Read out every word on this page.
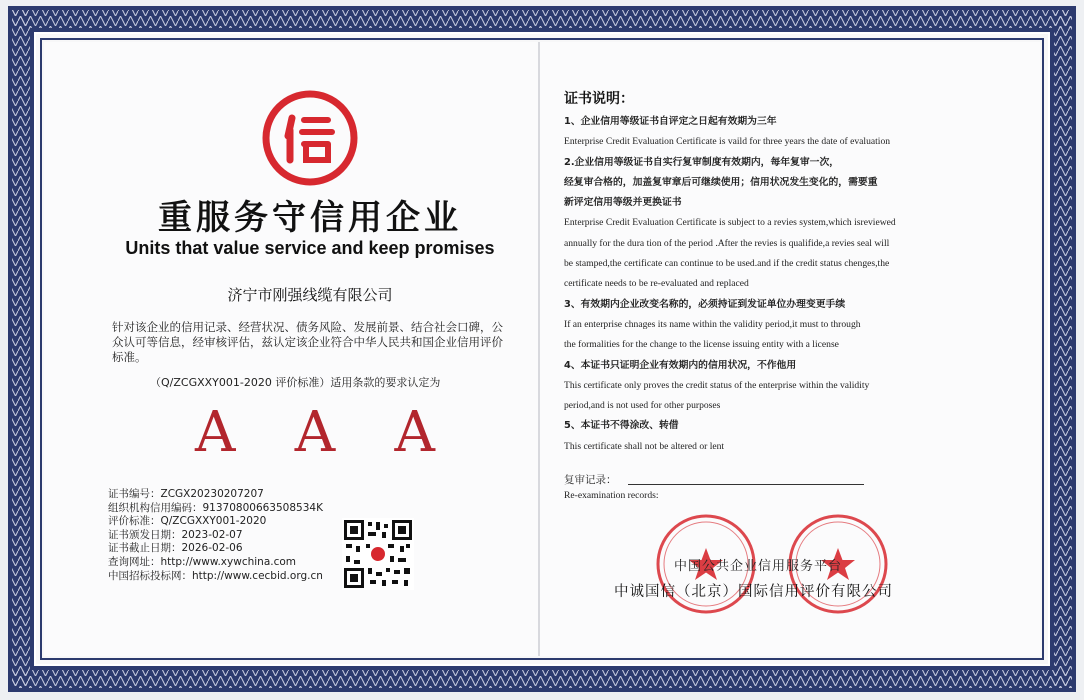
重服务守信用企业
Units that value service and keep promises
济宁市刚强线缆有限公司
针对该企业的信用记录、经营状况、债务风险、发展前景、结合社会口碑，公众认可等信息，经审核评估，兹认定该企业符合中华人民共和国企业信用评价标准。
（Q/ZCGXXY001-2020 评价标准）适用条款的要求认定为
A A A
证书编号：ZCGX20230207207
组织机构信用编码：91370800663508534K
评价标准：Q/ZCGXXY001-2020
证书颁发日期：2023-02-07
证书截止日期：2026-02-06
查询网址：http://www.xywchina.com
中国招标投标网：http://www.cecbid.org.cn
证书说明：
1、企业信用等级证书自评定之日起有效期为三年
Enterprise Credit Evaluation Certificate is vaild for three years the date of evaluation
2.企业信用等级证书自实行复审制度有效期内，每年复审一次，
经复审合格的，加盖复审章后可继续使用；信用状况发生变化的，需要重
新评定信用等级并更换证书
Enterprise Credit Evaluation Certificate is subject to a revies system,which isreviewed
annually for the dura tion of the period .After the revies is qualifide,a revies seal will
be stamped,the certificate can continue to be used.and if the credit status chenges,the
certificate needs to be re-evaluated and replaced
3、有效期内企业改变名称的，必须持证到发证单位办理变更手续
If an enterprise chnages its name within the validity period,it must to through
the formalities for the change to the license issuing entity with a license
4、本证书只证明企业有效期内的信用状况，不作他用
This certificate only proves the credit status of the enterprise within the validity
period,and is not used for other purposes
5、本证书不得涂改、转借
This certificate shall not be altered or lent
复审记录：
Re-examination records:
中国公共企业信用服务平台
中诚国信（北京）国际信用评价有限公司
